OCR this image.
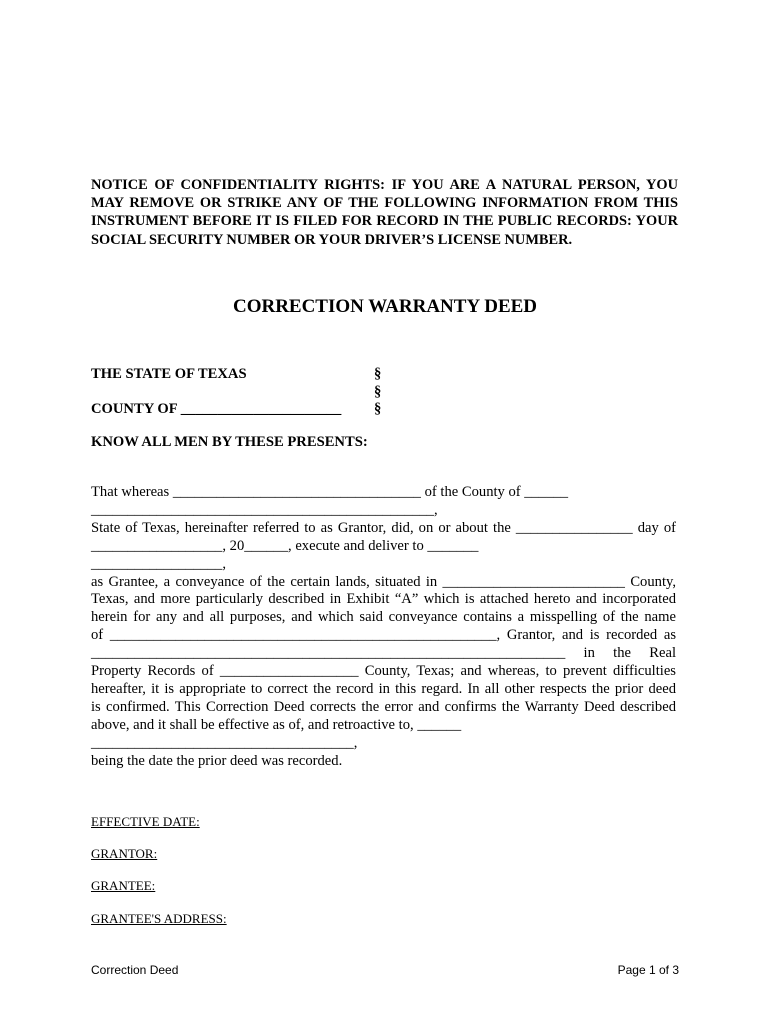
NOTICE OF CONFIDENTIALITY RIGHTS: IF YOU ARE A NATURAL PERSON, YOU MAY REMOVE OR STRIKE ANY OF THE FOLLOWING INFORMATION FROM THIS INSTRUMENT BEFORE IT IS FILED FOR RECORD IN THE PUBLIC RECORDS: YOUR SOCIAL SECURITY NUMBER OR YOUR DRIVER’S LICENSE NUMBER.

CORRECTION WARRANTY DEED

THE STATE OF TEXAS	§

§

COUNTY OF ______________________ §

KNOW ALL MEN BY THESE PRESENTS:

That whereas __________________________________ of the County of ______
_______________________________________________,
State of Texas, hereinafter referred to as Grantor, did, on or about the ________________ day of
__________________, 20______, execute and deliver to _______
__________________,
as Grantee, a conveyance of the certain lands, situated in _________________________ County,
Texas, and more particularly described in Exhibit “A” which is attached hereto and incorporated
herein for any and all purposes, and which said conveyance contains a misspelling of the name
of _____________________________________________________, Grantor, and is recorded as
_________________________________________________________________ in the Real
Property Records of ___________________ County, Texas; and whereas, to prevent difficulties
hereafter, it is appropriate to correct the record in this regard. In all other respects the prior deed
is confirmed. This Correction Deed corrects the error and confirms the Warranty Deed described
above, and it shall be effective as of, and retroactive to, ______
____________________________________,
being the date the prior deed was recorded.

EFFECTIVE DATE:

GRANTOR:

GRANTEE:

GRANTEE'S ADDRESS:

Correction Deed	Page 1 of 3
